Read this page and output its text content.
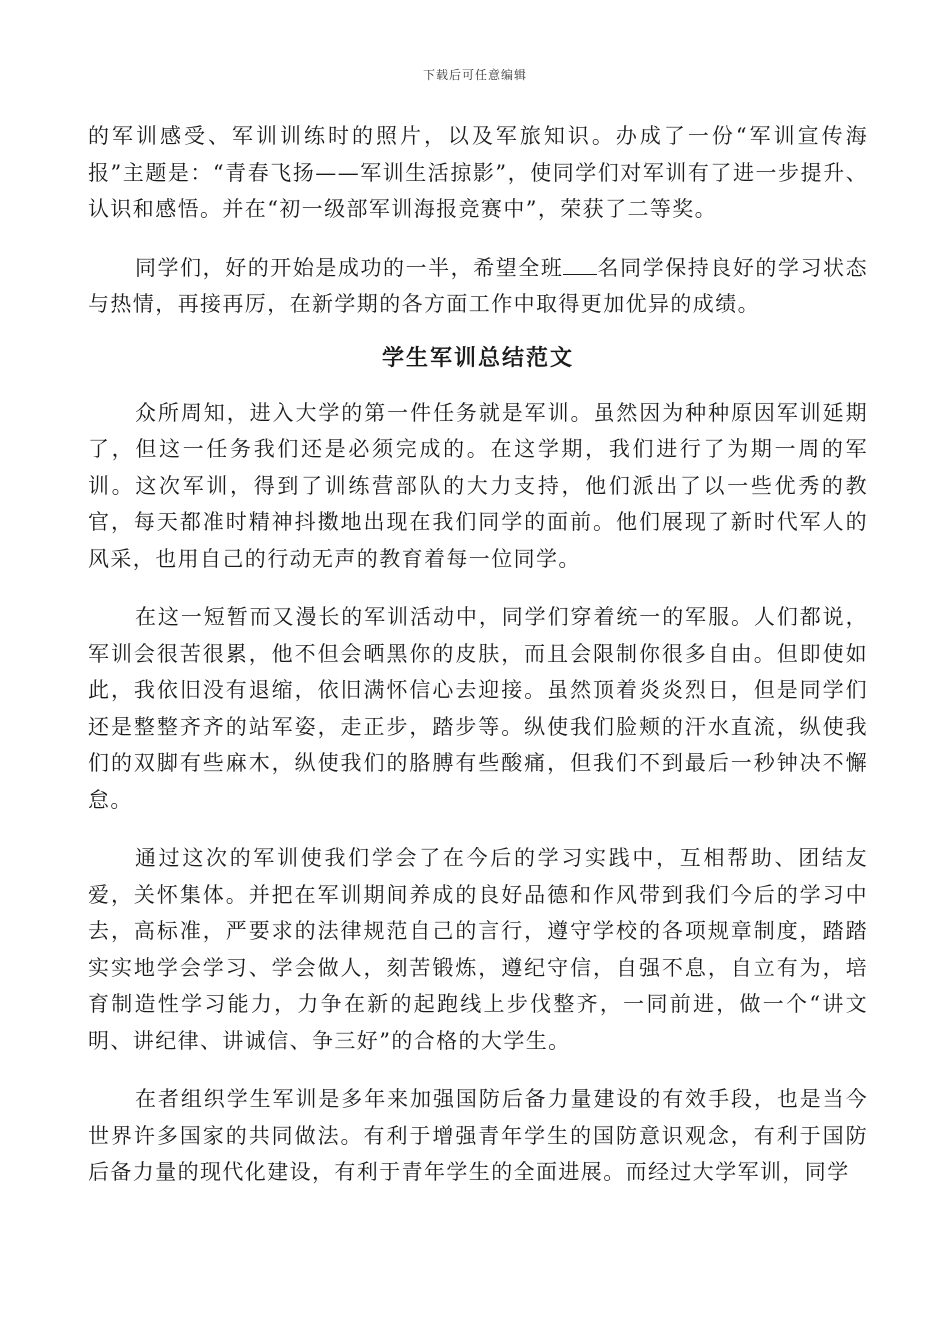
下载后可任意编辑

的军训感受、军训训练时的照片，以及军旅知识。办成了一份“军训宣传海报”主题是：“青春飞扬——军训生活掠影”，使同学们对军训有了进一步提升、认识和感悟。并在“初一级部军训海报竞赛中”，荣获了二等奖。

同学们，好的开始是成功的一半，希望全班 名同学保持良好的学习状态与热情，再接再厉，在新学期的各方面工作中取得更加优异的成绩。

学生军训总结范文

众所周知，进入大学的第一件任务就是军训。虽然因为种种原因军训延期了，但这一任务我们还是必须完成的。在这学期，我们进行了为期一周的军训。这次军训，得到了训练营部队的大力支持，他们派出了以一些优秀的教官，每天都准时精神抖擞地出现在我们同学的面前。他们展现了新时代军人的风采，也用自己的行动无声的教育着每一位同学。

在这一短暂而又漫长的军训活动中，同学们穿着统一的军服。人们都说，军训会很苦很累，他不但会晒黑你的皮肤，而且会限制你很多自由。但即使如此，我依旧没有退缩，依旧满怀信心去迎接。虽然顶着炎炎烈日，但是同学们还是整整齐齐的站军姿，走正步，踏步等。纵使我们脸颊的汗水直流，纵使我们的双脚有些麻木，纵使我们的胳膊有些酸痛，但我们不到最后一秒钟决不懈怠。

通过这次的军训使我们学会了在今后的学习实践中，互相帮助、团结友爱，关怀集体。并把在军训期间养成的良好品德和作风带到我们今后的学习中去，高标准，严要求的法律规范自己的言行，遵守学校的各项规章制度，踏踏实实地学会学习、学会做人，刻苦锻炼，遵纪守信，自强不息，自立有为，培育制造性学习能力，力争在新的起跑线上步伐整齐，一同前进，做一个“讲文明、讲纪律、讲诚信、争三好”的合格的大学生。

在者组织学生军训是多年来加强国防后备力量建设的有效手段，也是当今世界许多国家的共同做法。有利于增强青年学生的国防意识观念，有利于国防后备力量的现代化建设，有利于青年学生的全面进展。而经过大学军训，同学
